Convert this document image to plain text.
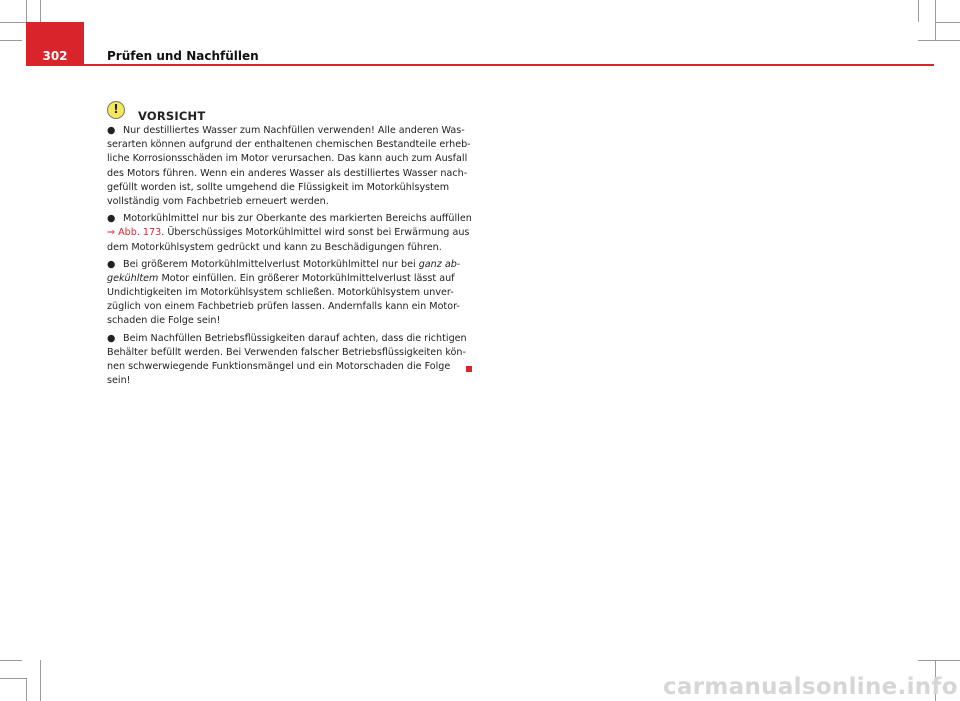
302	Prüfen und Nachfüllen
!	VORSICHT
● Nur destilliertes Wasser zum Nachfüllen verwenden! Alle anderen Was-
serarten können aufgrund der enthaltenen chemischen Bestandteile erheb-
liche Korrosionsschäden im Motor verursachen. Das kann auch zum Ausfall
des Motors führen. Wenn ein anderes Wasser als destilliertes Wasser nach-
gefüllt worden ist, sollte umgehend die Flüssigkeit im Motorkühlsystem
vollständig vom Fachbetrieb erneuert werden.
● Motorkühlmittel nur bis zur Oberkante des markierten Bereichs auffüllen
⇒ Abb. 173. Überschüssiges Motorkühlmittel wird sonst bei Erwärmung aus
dem Motorkühlsystem gedrückt und kann zu Beschädigungen führen.
● Bei größerem Motorkühlmittelverlust Motorkühlmittel nur bei ganz ab-
gekühltem Motor einfüllen. Ein größerer Motorkühlmittelverlust lässt auf
Undichtigkeiten im Motorkühlsystem schließen. Motorkühlsystem unver-
züglich von einem Fachbetrieb prüfen lassen. Andernfalls kann ein Motor-
schaden die Folge sein!
● Beim Nachfüllen Betriebsflüssigkeiten darauf achten, dass die richtigen
Behälter befüllt werden. Bei Verwenden falscher Betriebsflüssigkeiten kön-
nen schwerwiegende Funktionsmängel und ein Motorschaden die Folge
sein!
carmanualsonline.info
